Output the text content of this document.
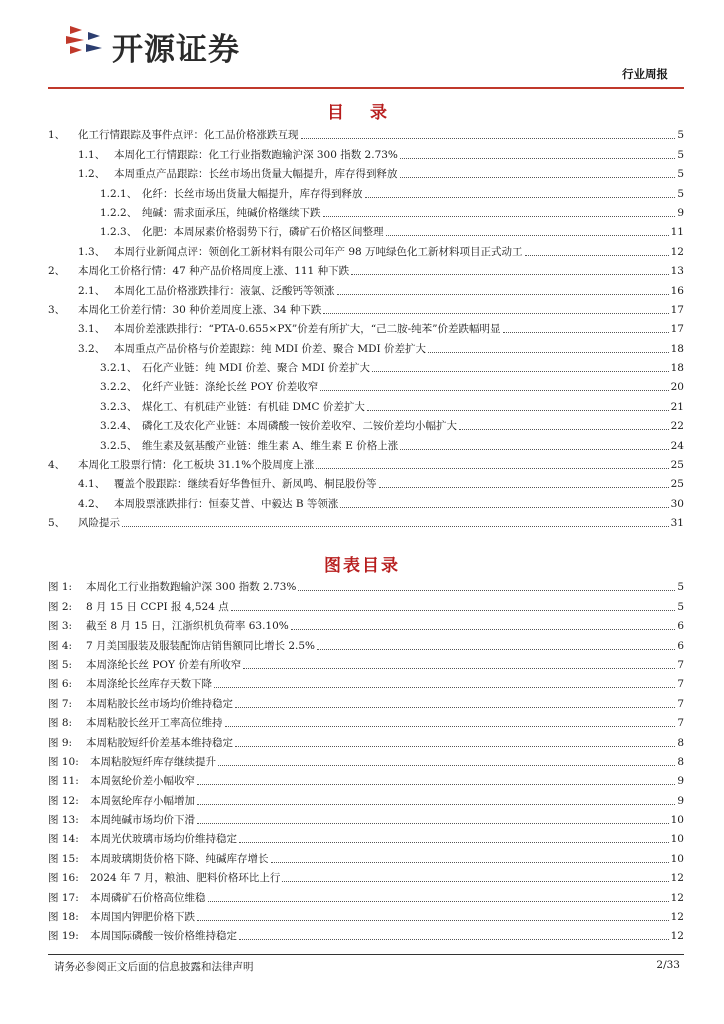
开源证券
行业周报
目 录
1、	化工行情跟踪及事件点评：化工品价格涨跌互现	5
1.1、 本周化工行情跟踪：化工行业指数跑输沪深 300 指数 2.73%	5
1.2、 本周重点产品跟踪：长丝市场出货量大幅提升，库存得到释放	5
1.2.1、 化纤：长丝市场出货量大幅提升，库存得到释放	5
1.2.2、 纯碱：需求面承压，纯碱价格继续下跌	9
1.2.3、 化肥：本周尿素价格弱势下行，磷矿石价格区间整理	11
1.3、 本周行业新闻点评：领创化工新材料有限公司年产 98 万吨绿色化工新材料项目正式动工	12
2、	本周化工价格行情：47 种产品价格周度上涨、111 种下跌	13
2.1、 本周化工品价格涨跌排行：液氯、泛酸钙等领涨	16
3、	本周化工价差行情：30 种价差周度上涨、34 种下跌	17
3.1、 本周价差涨跌排行：“PTA-0.655×PX”价差有所扩大，“己二胺-纯苯”价差跌幅明显	17
3.2、 本周重点产品价格与价差跟踪：纯 MDI 价差、聚合 MDI 价差扩大	18
3.2.1、 石化产业链：纯 MDI 价差、聚合 MDI 价差扩大	18
3.2.2、 化纤产业链：涤纶长丝 POY 价差收窄	20
3.2.3、 煤化工、有机硅产业链：有机硅 DMC 价差扩大	21
3.2.4、 磷化工及农化产业链：本周磷酸一铵价差收窄、二铵价差均小幅扩大	22
3.2.5、 维生素及氨基酸产业链：维生素 A、维生素 E 价格上涨	24
4、	本周化工股票行情：化工板块 31.1%个股周度上涨	25
4.1、 覆盖个股跟踪：继续看好华鲁恒升、新凤鸣、桐昆股份等	25
4.2、 本周股票涨跌排行：恒泰艾普、中毅达 B 等领涨	30
5、	风险提示	31
图表目录
图 1:	本周化工行业指数跑输沪深 300 指数 2.73%	5
图 2:	8 月 15 日 CCPI 报 4,524 点	5
图 3:	截至 8 月 15 日，江浙织机负荷率 63.10%	6
图 4:	7 月美国服装及服装配饰店销售额同比增长 2.5%	6
图 5:	本周涤纶长丝 POY 价差有所收窄	7
图 6:	本周涤纶长丝库存天数下降	7
图 7:	本周粘胶长丝市场均价维持稳定	7
图 8:	本周粘胶长丝开工率高位维持	7
图 9:	本周粘胶短纤价差基本维持稳定	8
图 10:	本周粘胶短纤库存继续提升	8
图 11:	本周氨纶价差小幅收窄	9
图 12:	本周氨纶库存小幅增加	9
图 13:	本周纯碱市场均价下滑	10
图 14:	本周光伏玻璃市场均价维持稳定	10
图 15:	本周玻璃期货价格下降、纯碱库存增长	10
图 16:	2024 年 7 月，粮油、肥料价格环比上行	12
图 17:	本周磷矿石价格高位维稳	12
图 18:	本周国内钾肥价格下跌	12
图 19:	本周国际磷酸一铵价格维持稳定	12
请务必参阅正文后面的信息披露和法律声明	2/33
